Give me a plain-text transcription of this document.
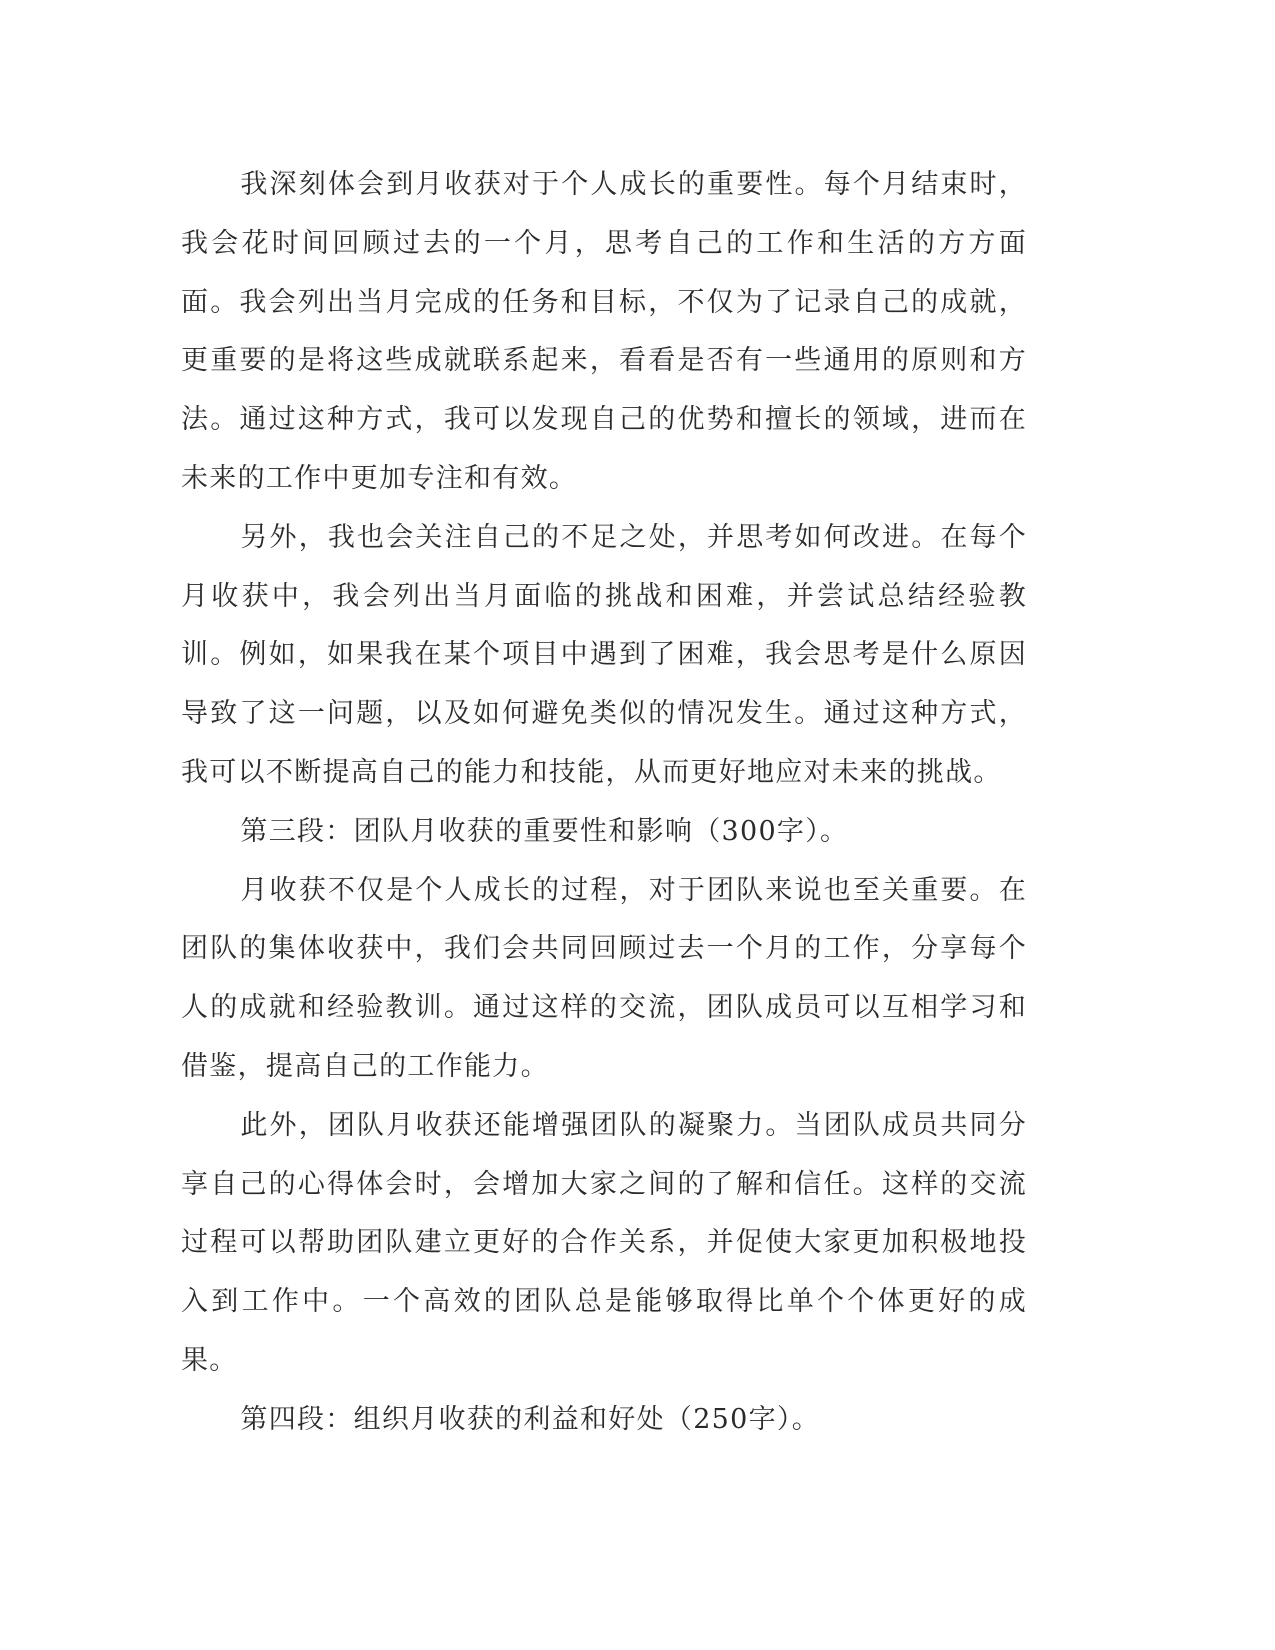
我深刻体会到月收获对于个人成长的重要性。每个月结束时，我会花时间回顾过去的一个月，思考自己的工作和生活的方方面面。我会列出当月完成的任务和目标，不仅为了记录自己的成就，更重要的是将这些成就联系起来，看看是否有一些通用的原则和方法。通过这种方式，我可以发现自己的优势和擅长的领域，进而在未来的工作中更加专注和有效。

另外，我也会关注自己的不足之处，并思考如何改进。在每个月收获中，我会列出当月面临的挑战和困难，并尝试总结经验教训。例如，如果我在某个项目中遇到了困难，我会思考是什么原因导致了这一问题，以及如何避免类似的情况发生。通过这种方式，我可以不断提高自己的能力和技能，从而更好地应对未来的挑战。

第三段：团队月收获的重要性和影响（300字）。

月收获不仅是个人成长的过程，对于团队来说也至关重要。在团队的集体收获中，我们会共同回顾过去一个月的工作，分享每个人的成就和经验教训。通过这样的交流，团队成员可以互相学习和借鉴，提高自己的工作能力。

此外，团队月收获还能增强团队的凝聚力。当团队成员共同分享自己的心得体会时，会增加大家之间的了解和信任。这样的交流过程可以帮助团队建立更好的合作关系，并促使大家更加积极地投入到工作中。一个高效的团队总是能够取得比单个个体更好的成果。

第四段：组织月收获的利益和好处（250字）。
